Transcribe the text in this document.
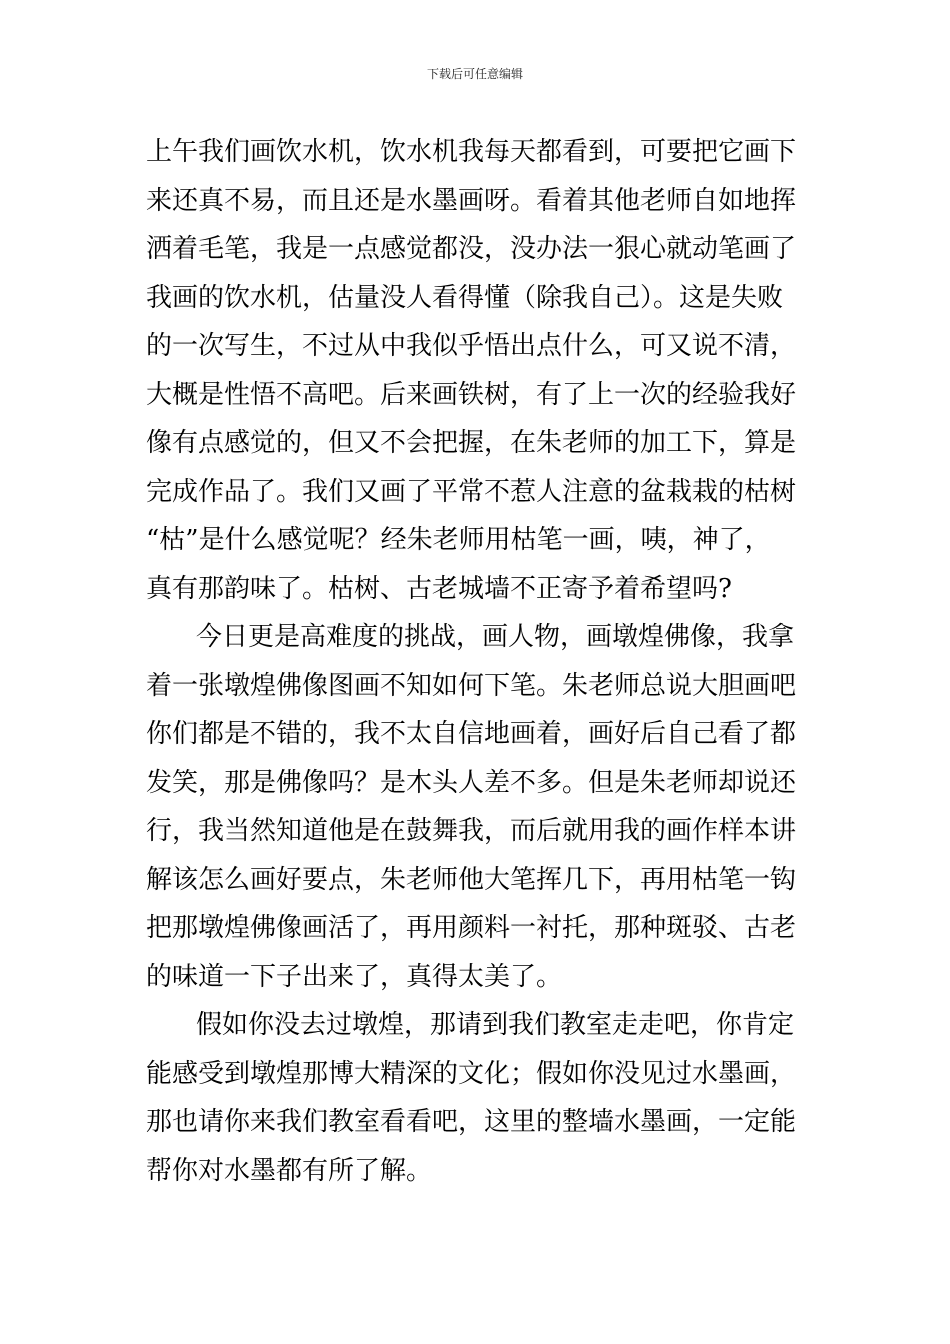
下载后可任意编辑
上午我们画饮水机，饮水机我每天都看到，可要把它画下
来还真不易，而且还是水墨画呀。看着其他老师自如地挥
洒着毛笔，我是一点感觉都没，没办法一狠心就动笔画了
我画的饮水机，估量没人看得懂（除我自己）。这是失败
的一次写生，不过从中我似乎悟出点什么，可又说不清，
大概是性悟不高吧。后来画铁树，有了上一次的经验我好
像有点感觉的，但又不会把握，在朱老师的加工下，算是
完成作品了。我们又画了平常不惹人注意的盆栽栽的枯树
“枯”是什么感觉呢？经朱老师用枯笔一画，咦，神了，
真有那韵味了。枯树、古老城墙不正寄予着希望吗?
今日更是高难度的挑战，画人物，画墩煌佛像，我拿
着一张墩煌佛像图画不知如何下笔。朱老师总说大胆画吧
你们都是不错的，我不太自信地画着，画好后自己看了都
发笑，那是佛像吗？是木头人差不多。但是朱老师却说还
行，我当然知道他是在鼓舞我，而后就用我的画作样本讲
解该怎么画好要点，朱老师他大笔挥几下，再用枯笔一钩
把那墩煌佛像画活了，再用颜料一衬托，那种斑驳、古老
的味道一下子出来了，真得太美了。
假如你没去过墩煌，那请到我们教室走走吧，你肯定
能感受到墩煌那博大精深的文化；假如你没见过水墨画，
那也请你来我们教室看看吧，这里的整墙水墨画，一定能
帮你对水墨都有所了解。
